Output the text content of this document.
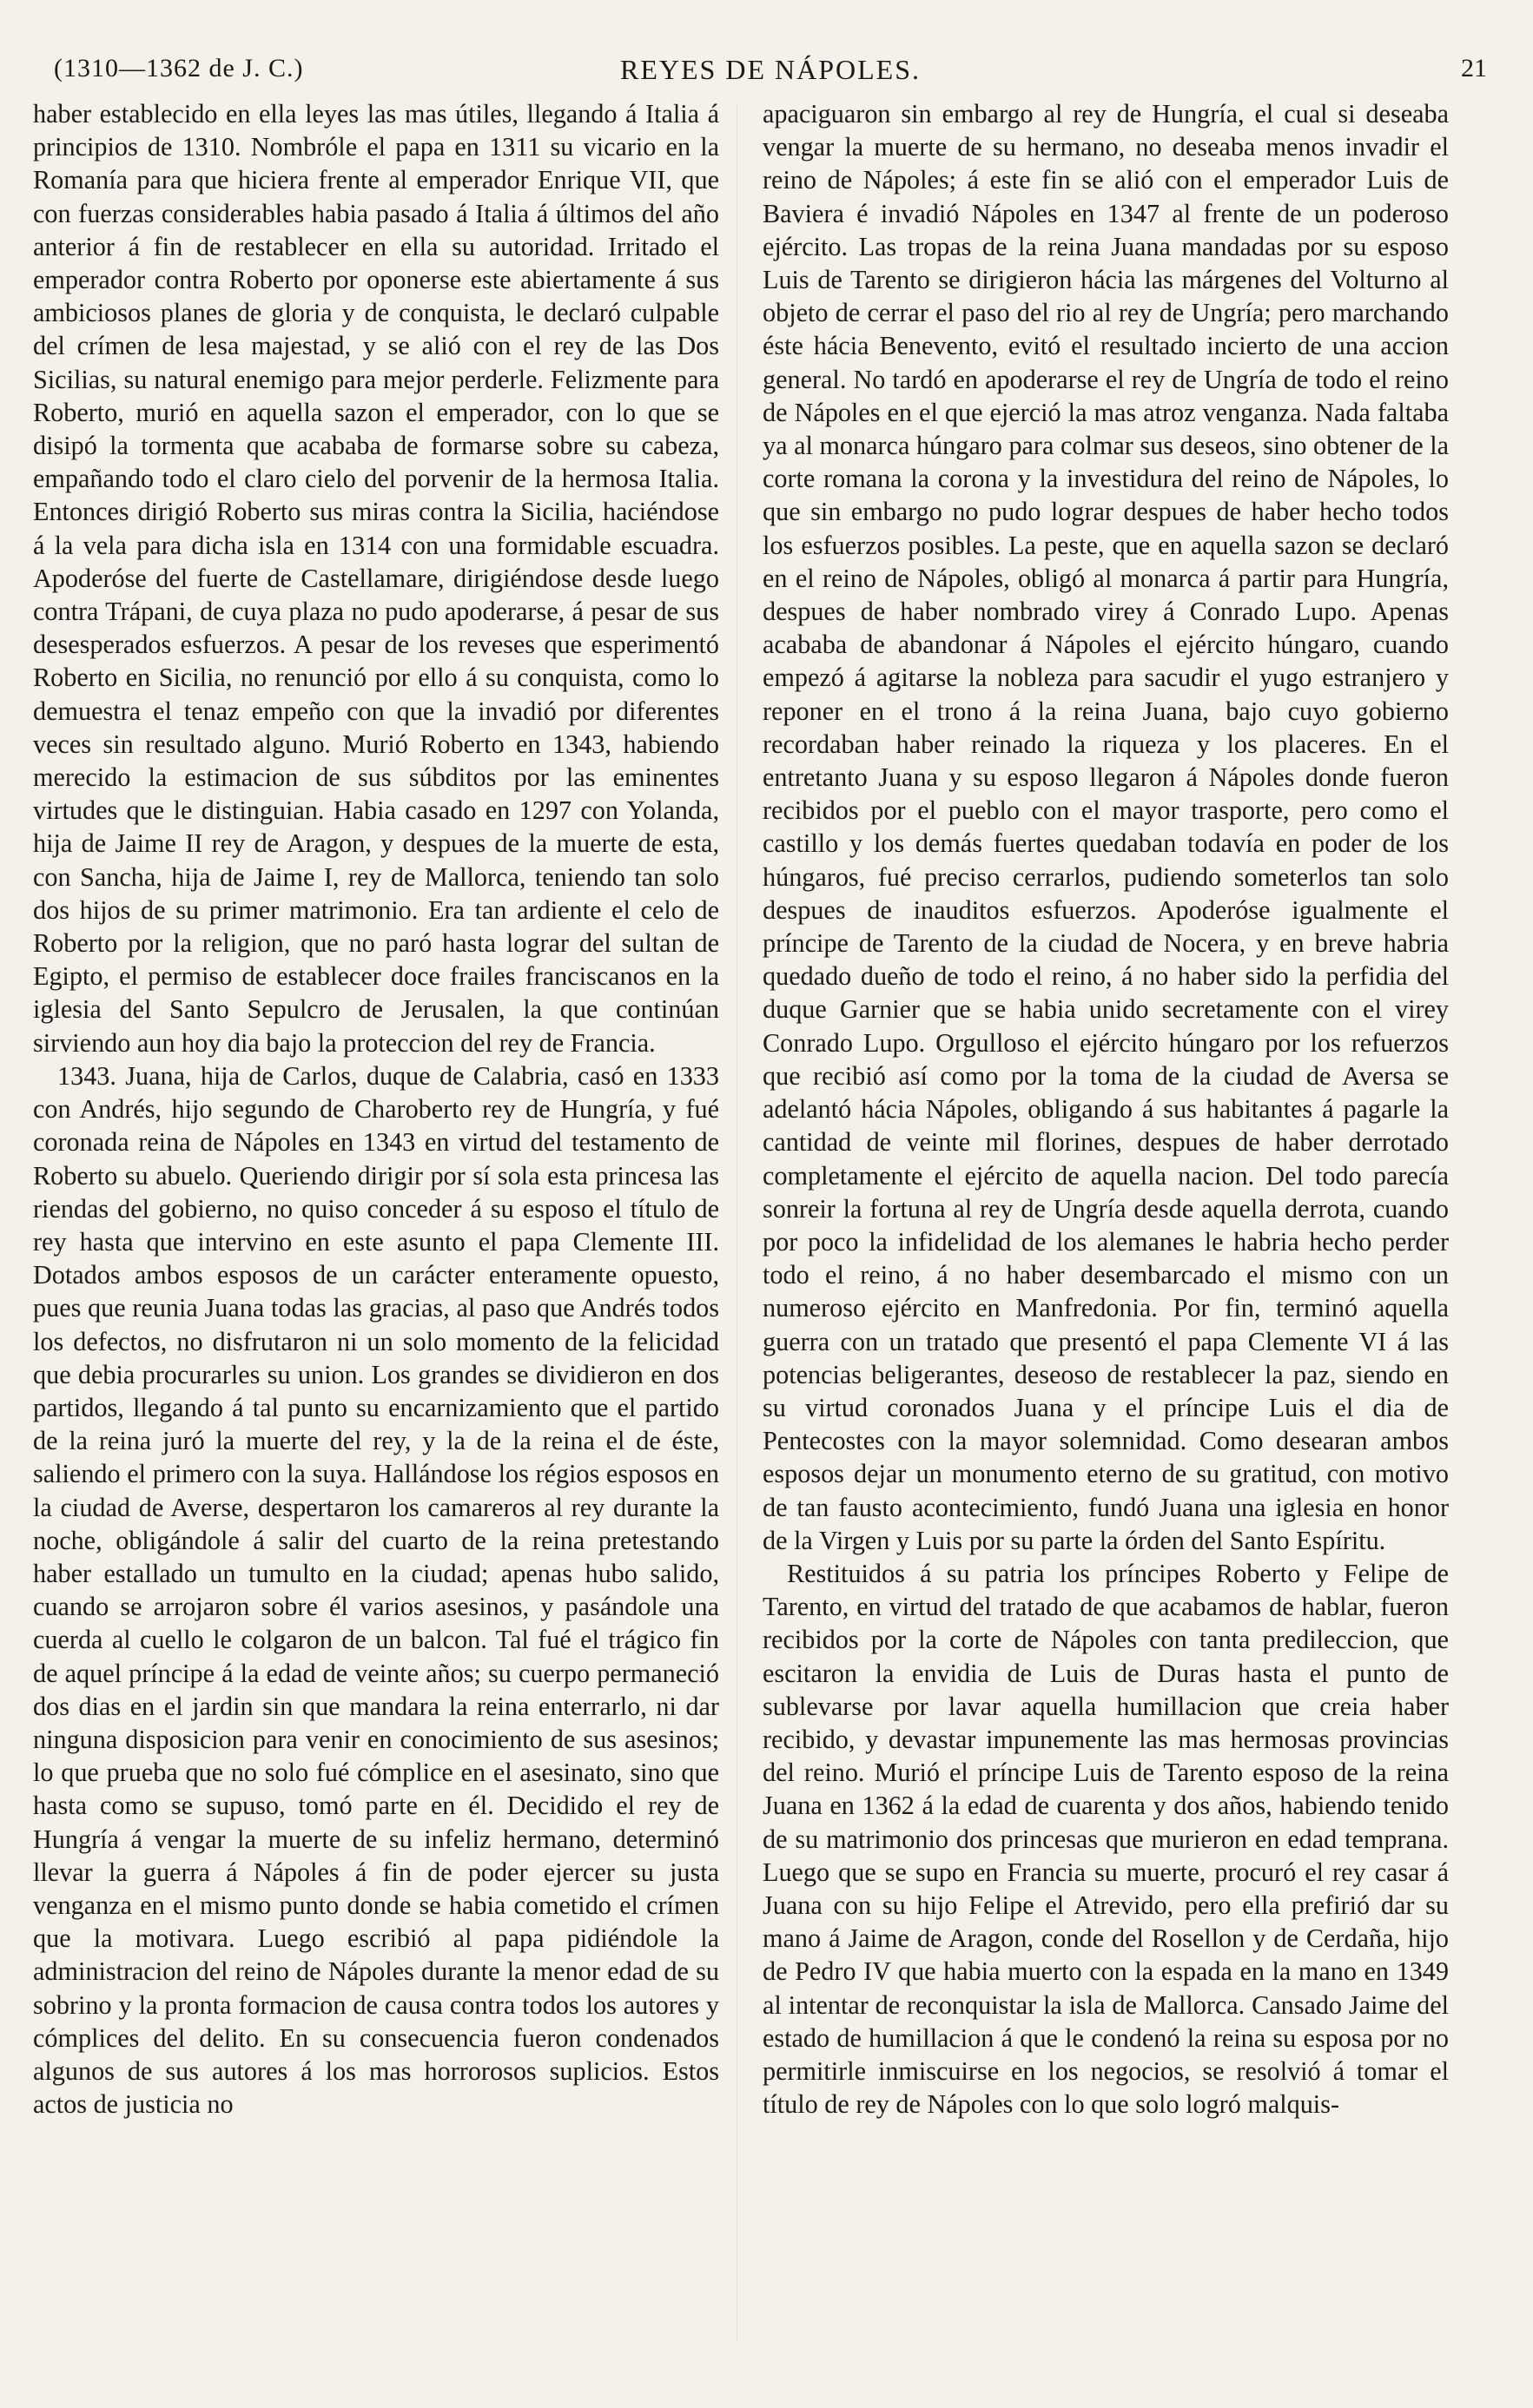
(1310—1362 de J. C.)	REYES DE NÁPOLES.	21

haber establecido en ella leyes las mas útiles, llegando á Italia á principios de 1310. Nombróle el papa en 1311 su vicario en la Romanía para que hiciera frente al emperador Enrique VII, que con fuerzas considerables habia pasado á Italia á últimos del año anterior á fin de restablecer en ella su autoridad. Irritado el emperador contra Roberto por oponerse este abiertamente á sus ambiciosos planes de gloria y de conquista, le declaró culpable del crímen de lesa majestad, y se alió con el rey de las Dos Sicilias, su natural enemigo para mejor perderle. Felizmente para Roberto, murió en aquella sazon el emperador, con lo que se disipó la tormenta que acababa de formarse sobre su cabeza, empañando todo el claro cielo del porvenir de la hermosa Italia. Entonces dirigió Roberto sus miras contra la Sicilia, haciéndose á la vela para dicha isla en 1314 con una formidable escuadra. Apoderóse del fuerte de Castellamare, dirigiéndose desde luego contra Trápani, de cuya plaza no pudo apoderarse, á pesar de sus desesperados esfuerzos. A pesar de los reveses que esperimentó Roberto en Sicilia, no renunció por ello á su conquista, como lo demuestra el tenaz empeño con que la invadió por diferentes veces sin resultado alguno. Murió Roberto en 1343, habiendo merecido la estimacion de sus súbditos por las eminentes virtudes que le distinguian. Habia casado en 1297 con Yolanda, hija de Jaime II rey de Aragon, y despues de la muerte de esta, con Sancha, hija de Jaime I, rey de Mallorca, teniendo tan solo dos hijos de su primer matrimonio. Era tan ardiente el celo de Roberto por la religion, que no paró hasta lograr del sultan de Egipto, el permiso de establecer doce frailes franciscanos en la iglesia del Santo Sepulcro de Jerusalen, la que continúan sirviendo aun hoy dia bajo la proteccion del rey de Francia.

1343. Juana, hija de Carlos, duque de Calabria, casó en 1333 con Andrés, hijo segundo de Charoberto rey de Hungría, y fué coronada reina de Nápoles en 1343 en virtud del testamento de Roberto su abuelo. Queriendo dirigir por sí sola esta princesa las riendas del gobierno, no quiso conceder á su esposo el título de rey hasta que intervino en este asunto el papa Clemente III. Dotados ambos esposos de un carácter enteramente opuesto, pues que reunia Juana todas las gracias, al paso que Andrés todos los defectos, no disfrutaron ni un solo momento de la felicidad que debia procurarles su union. Los grandes se dividieron en dos partidos, llegando á tal punto su encarnizamiento que el partido de la reina juró la muerte del rey, y la de la reina el de éste, saliendo el primero con la suya. Hallándose los régios esposos en la ciudad de Averse, despertaron los camareros al rey durante la noche, obligándole á salir del cuarto de la reina pretestando haber estallado un tumulto en la ciudad; apenas hubo salido, cuando se arrojaron sobre él varios asesinos, y pasándole una cuerda al cuello le colgaron de un balcon. Tal fué el trágico fin de aquel príncipe á la edad de veinte años; su cuerpo permaneció dos dias en el jardin sin que mandara la reina enterrarlo, ni dar ninguna disposicion para venir en conocimiento de sus asesinos; lo que prueba que no solo fué cómplice en el asesinato, sino que hasta como se supuso, tomó parte en él. Decidido el rey de Hungría á vengar la muerte de su infeliz hermano, determinó llevar la guerra á Nápoles á fin de poder ejercer su justa venganza en el mismo punto donde se habia cometido el crímen que la motivara. Luego escribió al papa pidiéndole la administracion del reino de Nápoles durante la menor edad de su sobrino y la pronta formacion de causa contra todos los autores y cómplices del delito. En su consecuencia fueron condenados algunos de sus autores á los mas horrorosos suplicios. Estos actos de justicia no

apaciguaron sin embargo al rey de Hungría, el cual si deseaba vengar la muerte de su hermano, no deseaba menos invadir el reino de Nápoles; á este fin se alió con el emperador Luis de Baviera é invadió Nápoles en 1347 al frente de un poderoso ejército. Las tropas de la reina Juana mandadas por su esposo Luis de Tarento se dirigieron hácia las márgenes del Volturno al objeto de cerrar el paso del rio al rey de Ungría; pero marchando éste hácia Benevento, evitó el resultado incierto de una accion general. No tardó en apoderarse el rey de Ungría de todo el reino de Nápoles en el que ejerció la mas atroz venganza. Nada faltaba ya al monarca húngaro para colmar sus deseos, sino obtener de la corte romana la corona y la investidura del reino de Nápoles, lo que sin embargo no pudo lograr despues de haber hecho todos los esfuerzos posibles. La peste, que en aquella sazon se declaró en el reino de Nápoles, obligó al monarca á partir para Hungría, despues de haber nombrado virey á Conrado Lupo. Apenas acababa de abandonar á Nápoles el ejército húngaro, cuando empezó á agitarse la nobleza para sacudir el yugo estranjero y reponer en el trono á la reina Juana, bajo cuyo gobierno recordaban haber reinado la riqueza y los placeres. En el entretanto Juana y su esposo llegaron á Nápoles donde fueron recibidos por el pueblo con el mayor trasporte, pero como el castillo y los demás fuertes quedaban todavía en poder de los húngaros, fué preciso cerrarlos, pudiendo someterlos tan solo despues de inauditos esfuerzos. Apoderóse igualmente el príncipe de Tarento de la ciudad de Nocera, y en breve habria quedado dueño de todo el reino, á no haber sido la perfidia del duque Garnier que se habia unido secretamente con el virey Conrado Lupo. Orgulloso el ejército húngaro por los refuerzos que recibió así como por la toma de la ciudad de Aversa se adelantó hácia Nápoles, obligando á sus habitantes á pagarle la cantidad de veinte mil florines, despues de haber derrotado completamente el ejército de aquella nacion. Del todo parecía sonreir la fortuna al rey de Ungría desde aquella derrota, cuando por poco la infidelidad de los alemanes le habria hecho perder todo el reino, á no haber desembarcado el mismo con un numeroso ejército en Manfredonia. Por fin, terminó aquella guerra con un tratado que presentó el papa Clemente VI á las potencias beligerantes, deseoso de restablecer la paz, siendo en su virtud coronados Juana y el príncipe Luis el dia de Pentecostes con la mayor solemnidad. Como desearan ambos esposos dejar un monumento eterno de su gratitud, con motivo de tan fausto acontecimiento, fundó Juana una iglesia en honor de la Virgen y Luis por su parte la órden del Santo Espíritu.

Restituidos á su patria los príncipes Roberto y Felipe de Tarento, en virtud del tratado de que acabamos de hablar, fueron recibidos por la corte de Nápoles con tanta predileccion, que escitaron la envidia de Luis de Duras hasta el punto de sublevarse por lavar aquella humillacion que creia haber recibido, y devastar impunemente las mas hermosas provincias del reino. Murió el príncipe Luis de Tarento esposo de la reina Juana en 1362 á la edad de cuarenta y dos años, habiendo tenido de su matrimonio dos princesas que murieron en edad temprana. Luego que se supo en Francia su muerte, procuró el rey casar á Juana con su hijo Felipe el Atrevido, pero ella prefirió dar su mano á Jaime de Aragon, conde del Rosellon y de Cerdaña, hijo de Pedro IV que habia muerto con la espada en la mano en 1349 al intentar de reconquistar la isla de Mallorca. Cansado Jaime del estado de humillacion á que le condenó la reina su esposa por no permitirle inmiscuirse en los negocios, se resolvió á tomar el título de rey de Nápoles con lo que solo logró malquis-
